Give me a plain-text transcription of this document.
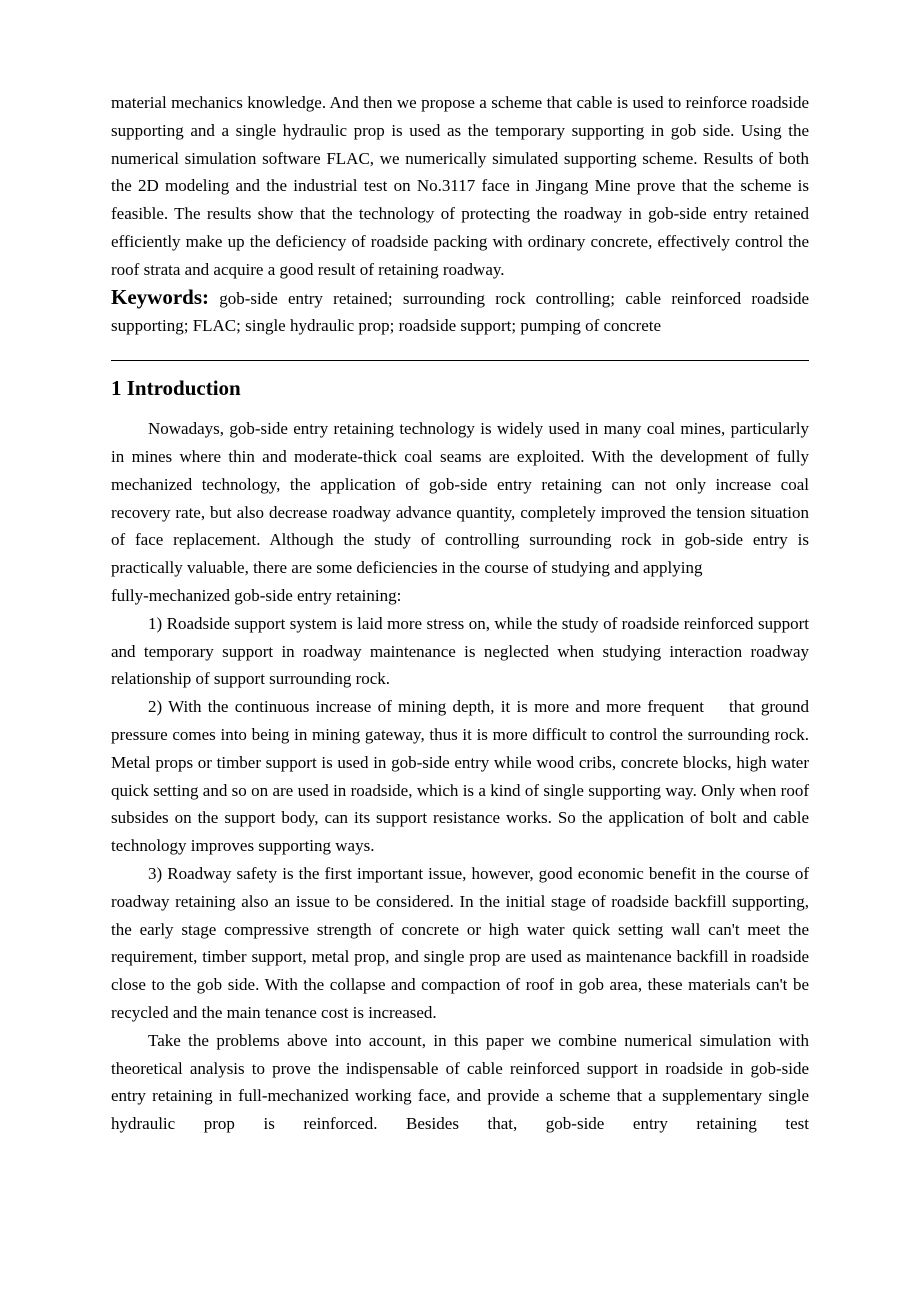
material mechanics knowledge. And then we propose a scheme that cable is used to reinforce roadside supporting and a single hydraulic prop is used as the temporary supporting in gob side. Using the numerical simulation software FLAC, we numerically simulated supporting scheme. Results of both the 2D modeling and the industrial test on No.3117 face in Jingang Mine prove that the scheme is feasible. The results show that the technology of protecting the roadway in gob-side entry retained efficiently make up the deficiency of roadside packing with ordinary concrete, effectively control the roof strata and acquire a good result of retaining roadway.

Keywords: gob-side entry retained; surrounding rock controlling; cable reinforced roadside supporting; FLAC; single hydraulic prop; roadside support; pumping of concrete

1 Introduction

Nowadays, gob-side entry retaining technology is widely used in many coal mines, particularly in mines where thin and moderate-thick coal seams are exploited. With the development of fully mechanized technology, the application of gob-side entry retaining can not only increase coal recovery rate, but also decrease roadway advance quantity, completely improved the tension situation of face replacement. Although the study of controlling surrounding rock in gob-side entry is practically valuable, there are some deficiencies in the course of studying and applying

fully-mechanized gob-side entry retaining:

1) Roadside support system is laid more stress on, while the study of roadside reinforced support and temporary support in roadway maintenance is neglected when studying interaction roadway relationship of support surrounding rock.

2) With the continuous increase of mining depth, it is more and more frequent    that ground pressure comes into being in mining gateway, thus it is more difficult to control the surrounding rock. Metal props or timber support is used in gob-side entry while wood cribs, concrete blocks, high water quick setting and so on are used in roadside, which is a kind of single supporting way. Only when roof subsides on the support body, can its support resistance works. So the application of bolt and cable technology improves supporting ways.

3) Roadway safety is the first important issue, however, good economic benefit in the course of roadway retaining also an issue to be considered. In the initial stage of roadside backfill supporting, the early stage compressive strength of concrete or high water quick setting wall can't meet the requirement, timber support, metal prop, and single prop are used as maintenance backfill in roadside close to the gob side. With the collapse and compaction of roof in gob area, these materials can't be recycled and the main tenance cost is increased.

Take the problems above into account, in this paper we combine numerical simulation with theoretical analysis to prove the indispensable of cable reinforced support in roadside in gob-side entry retaining in full-mechanized working face, and provide a scheme that a supplementary single hydraulic prop is reinforced. Besides that, gob-side entry retaining test
